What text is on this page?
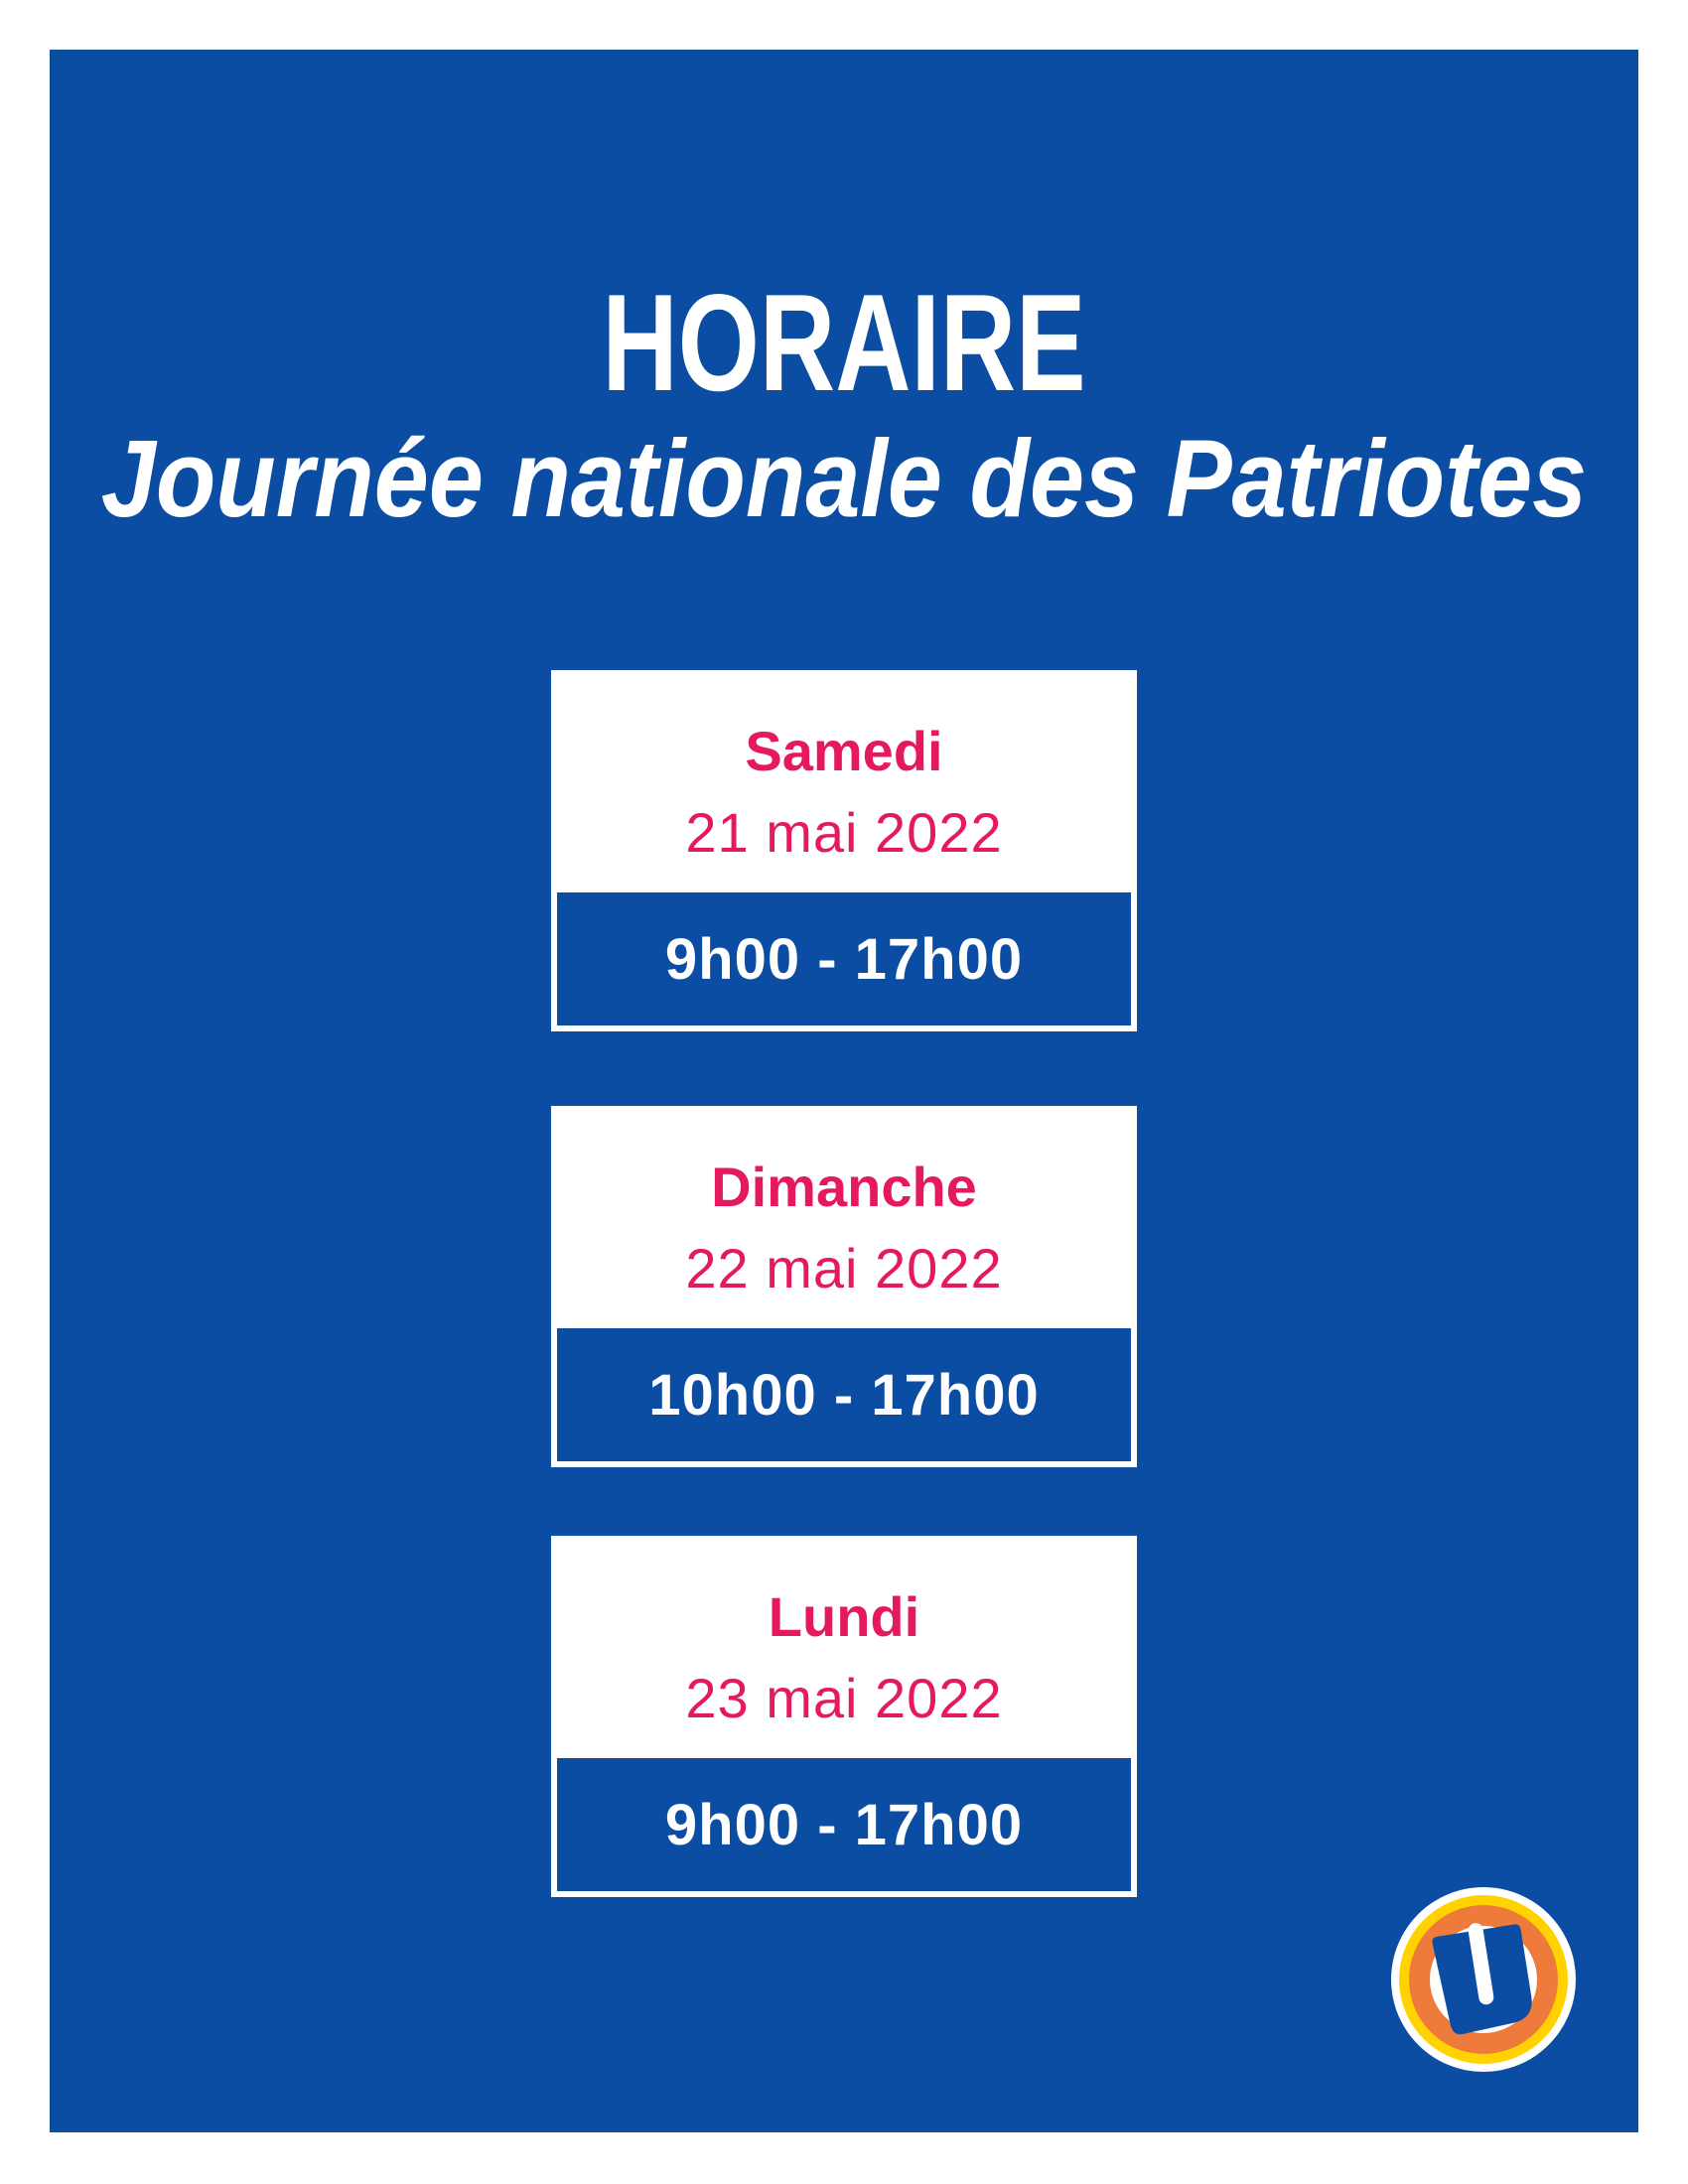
HORAIRE
Journée nationale des Patriotes
Samedi
21 mai 2022
9h00 - 17h00
Dimanche
22 mai 2022
10h00 - 17h00
Lundi
23 mai 2022
9h00 - 17h00
